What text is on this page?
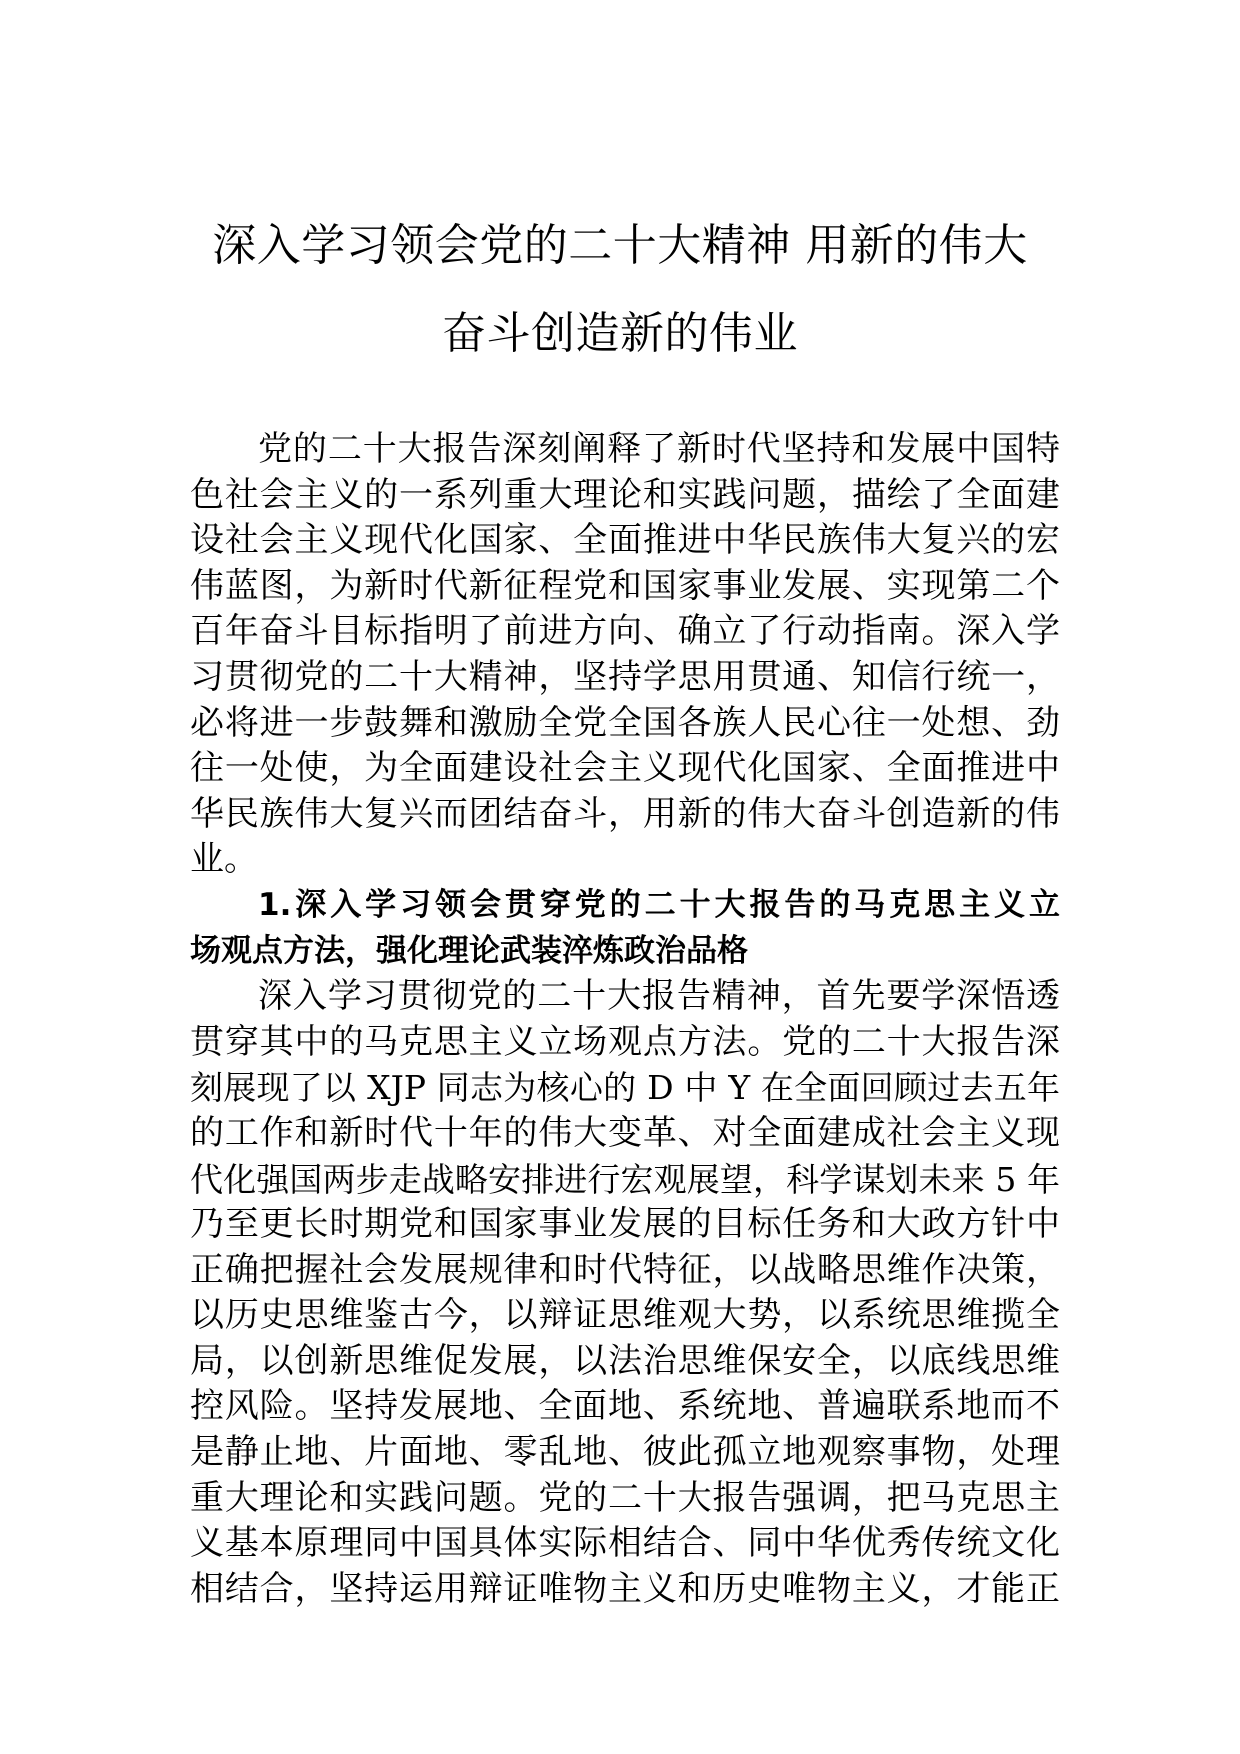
深入学习领会党的二十大精神 用新的伟大
奋斗创造新的伟业
党的二十大报告深刻阐释了新时代坚持和发展中国特
色社会主义的一系列重大理论和实践问题，描绘了全面建
设社会主义现代化国家、全面推进中华民族伟大复兴的宏
伟蓝图，为新时代新征程党和国家事业发展、实现第二个
百年奋斗目标指明了前进方向、确立了行动指南。深入学
习贯彻党的二十大精神，坚持学思用贯通、知信行统一，
必将进一步鼓舞和激励全党全国各族人民心往一处想、劲
往一处使，为全面建设社会主义现代化国家、全面推进中
华民族伟大复兴而团结奋斗，用新的伟大奋斗创造新的伟
业。
1.深入学习领会贯穿党的二十大报告的马克思主义立
场观点方法，强化理论武装淬炼政治品格
深入学习贯彻党的二十大报告精神，首先要学深悟透
贯穿其中的马克思主义立场观点方法。党的二十大报告深
刻展现了以 XJP 同志为核心的 D 中 Y 在全面回顾过去五年
的工作和新时代十年的伟大变革、对全面建成社会主义现
代化强国两步走战略安排进行宏观展望，科学谋划未来 5 年
乃至更长时期党和国家事业发展的目标任务和大政方针中
正确把握社会发展规律和时代特征，以战略思维作决策，
以历史思维鉴古今，以辩证思维观大势，以系统思维揽全
局，以创新思维促发展，以法治思维保安全，以底线思维
控风险。坚持发展地、全面地、系统地、普遍联系地而不
是静止地、片面地、零乱地、彼此孤立地观察事物，处理
重大理论和实践问题。党的二十大报告强调，把马克思主
义基本原理同中国具体实际相结合、同中华优秀传统文化
相结合，坚持运用辩证唯物主义和历史唯物主义，才能正
